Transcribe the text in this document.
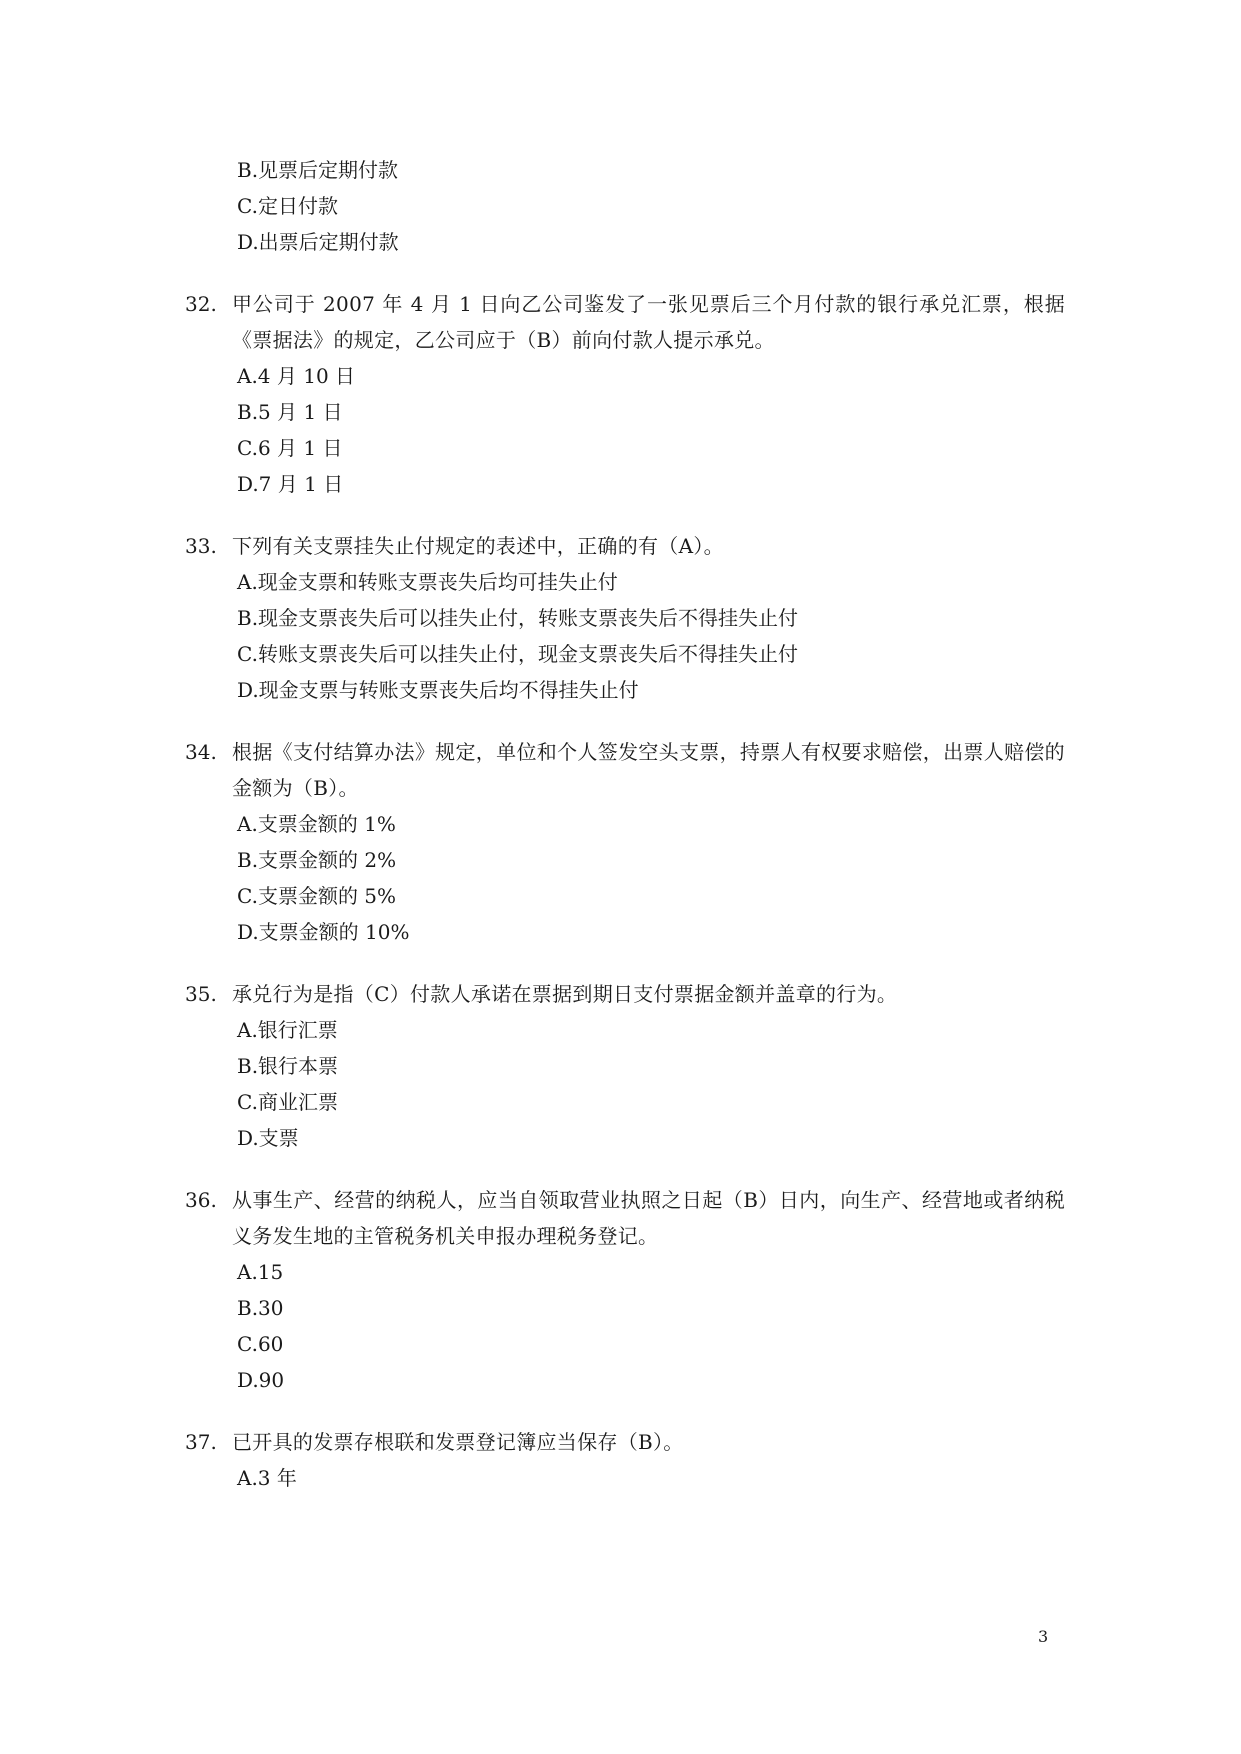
B.见票后定期付款
C.定日付款
D.出票后定期付款
32. 甲公司于 2007 年 4 月 1 日向乙公司鉴发了一张见票后三个月付款的银行承兑汇票，根据《票据法》的规定，乙公司应于（B）前向付款人提示承兑。
A.4 月 10 日
B.5 月 1 日
C.6 月 1 日
D.7 月 1 日
33. 下列有关支票挂失止付规定的表述中，正确的有（A）。
A.现金支票和转账支票丧失后均可挂失止付
B.现金支票丧失后可以挂失止付，转账支票丧失后不得挂失止付
C.转账支票丧失后可以挂失止付，现金支票丧失后不得挂失止付
D.现金支票与转账支票丧失后均不得挂失止付
34. 根据《支付结算办法》规定，单位和个人签发空头支票，持票人有权要求赔偿，出票人赔偿的金额为（B）。
A.支票金额的 1%
B.支票金额的 2%
C.支票金额的 5%
D.支票金额的 10%
35. 承兑行为是指（C）付款人承诺在票据到期日支付票据金额并盖章的行为。
A.银行汇票
B.银行本票
C.商业汇票
D.支票
36. 从事生产、经营的纳税人，应当自领取营业执照之日起（B）日内，向生产、经营地或者纳税义务发生地的主管税务机关申报办理税务登记。
A.15
B.30
C.60
D.90
37. 已开具的发票存根联和发票登记簿应当保存（B）。
A.3 年
3
